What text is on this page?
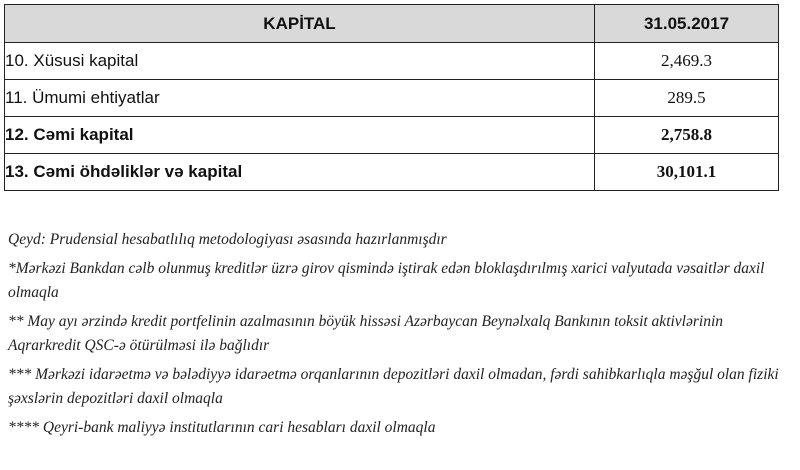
KAPİTAL	31.05.2017
10. Xüsusi kapital	2,469.3
11. Ümumi ehtiyatlar	289.5
12. Cəmi kapital	2,758.8
13. Cəmi öhdəliklər və kapital	30,101.1

Qeyd: Prudensial hesabatlılıq metodologiyası əsasında hazırlanmışdır

*Mərkəzi Bankdan cəlb olunmuş kreditlər üzrə girov qismində iştirak edən bloklaşdırılmış xarici valyutada vəsaitlər daxil olmaqla

** May ayı ərzində kredit portfelinin azalmasının böyük hissəsi Azərbaycan Beynəlxalq Bankının toksit aktivlərinin Aqrarkredit QSC-ə ötürülməsi ilə bağlıdır

*** Mərkəzi idarəetmə və bələdiyyə idarəetmə orqanlarının depozitləri daxil olmadan, fərdi sahibkarlıqla məşğul olan fiziki şəxslərin depozitləri daxil olmaqla

**** Qeyri-bank maliyyə institutlarının cari hesabları daxil olmaqla
